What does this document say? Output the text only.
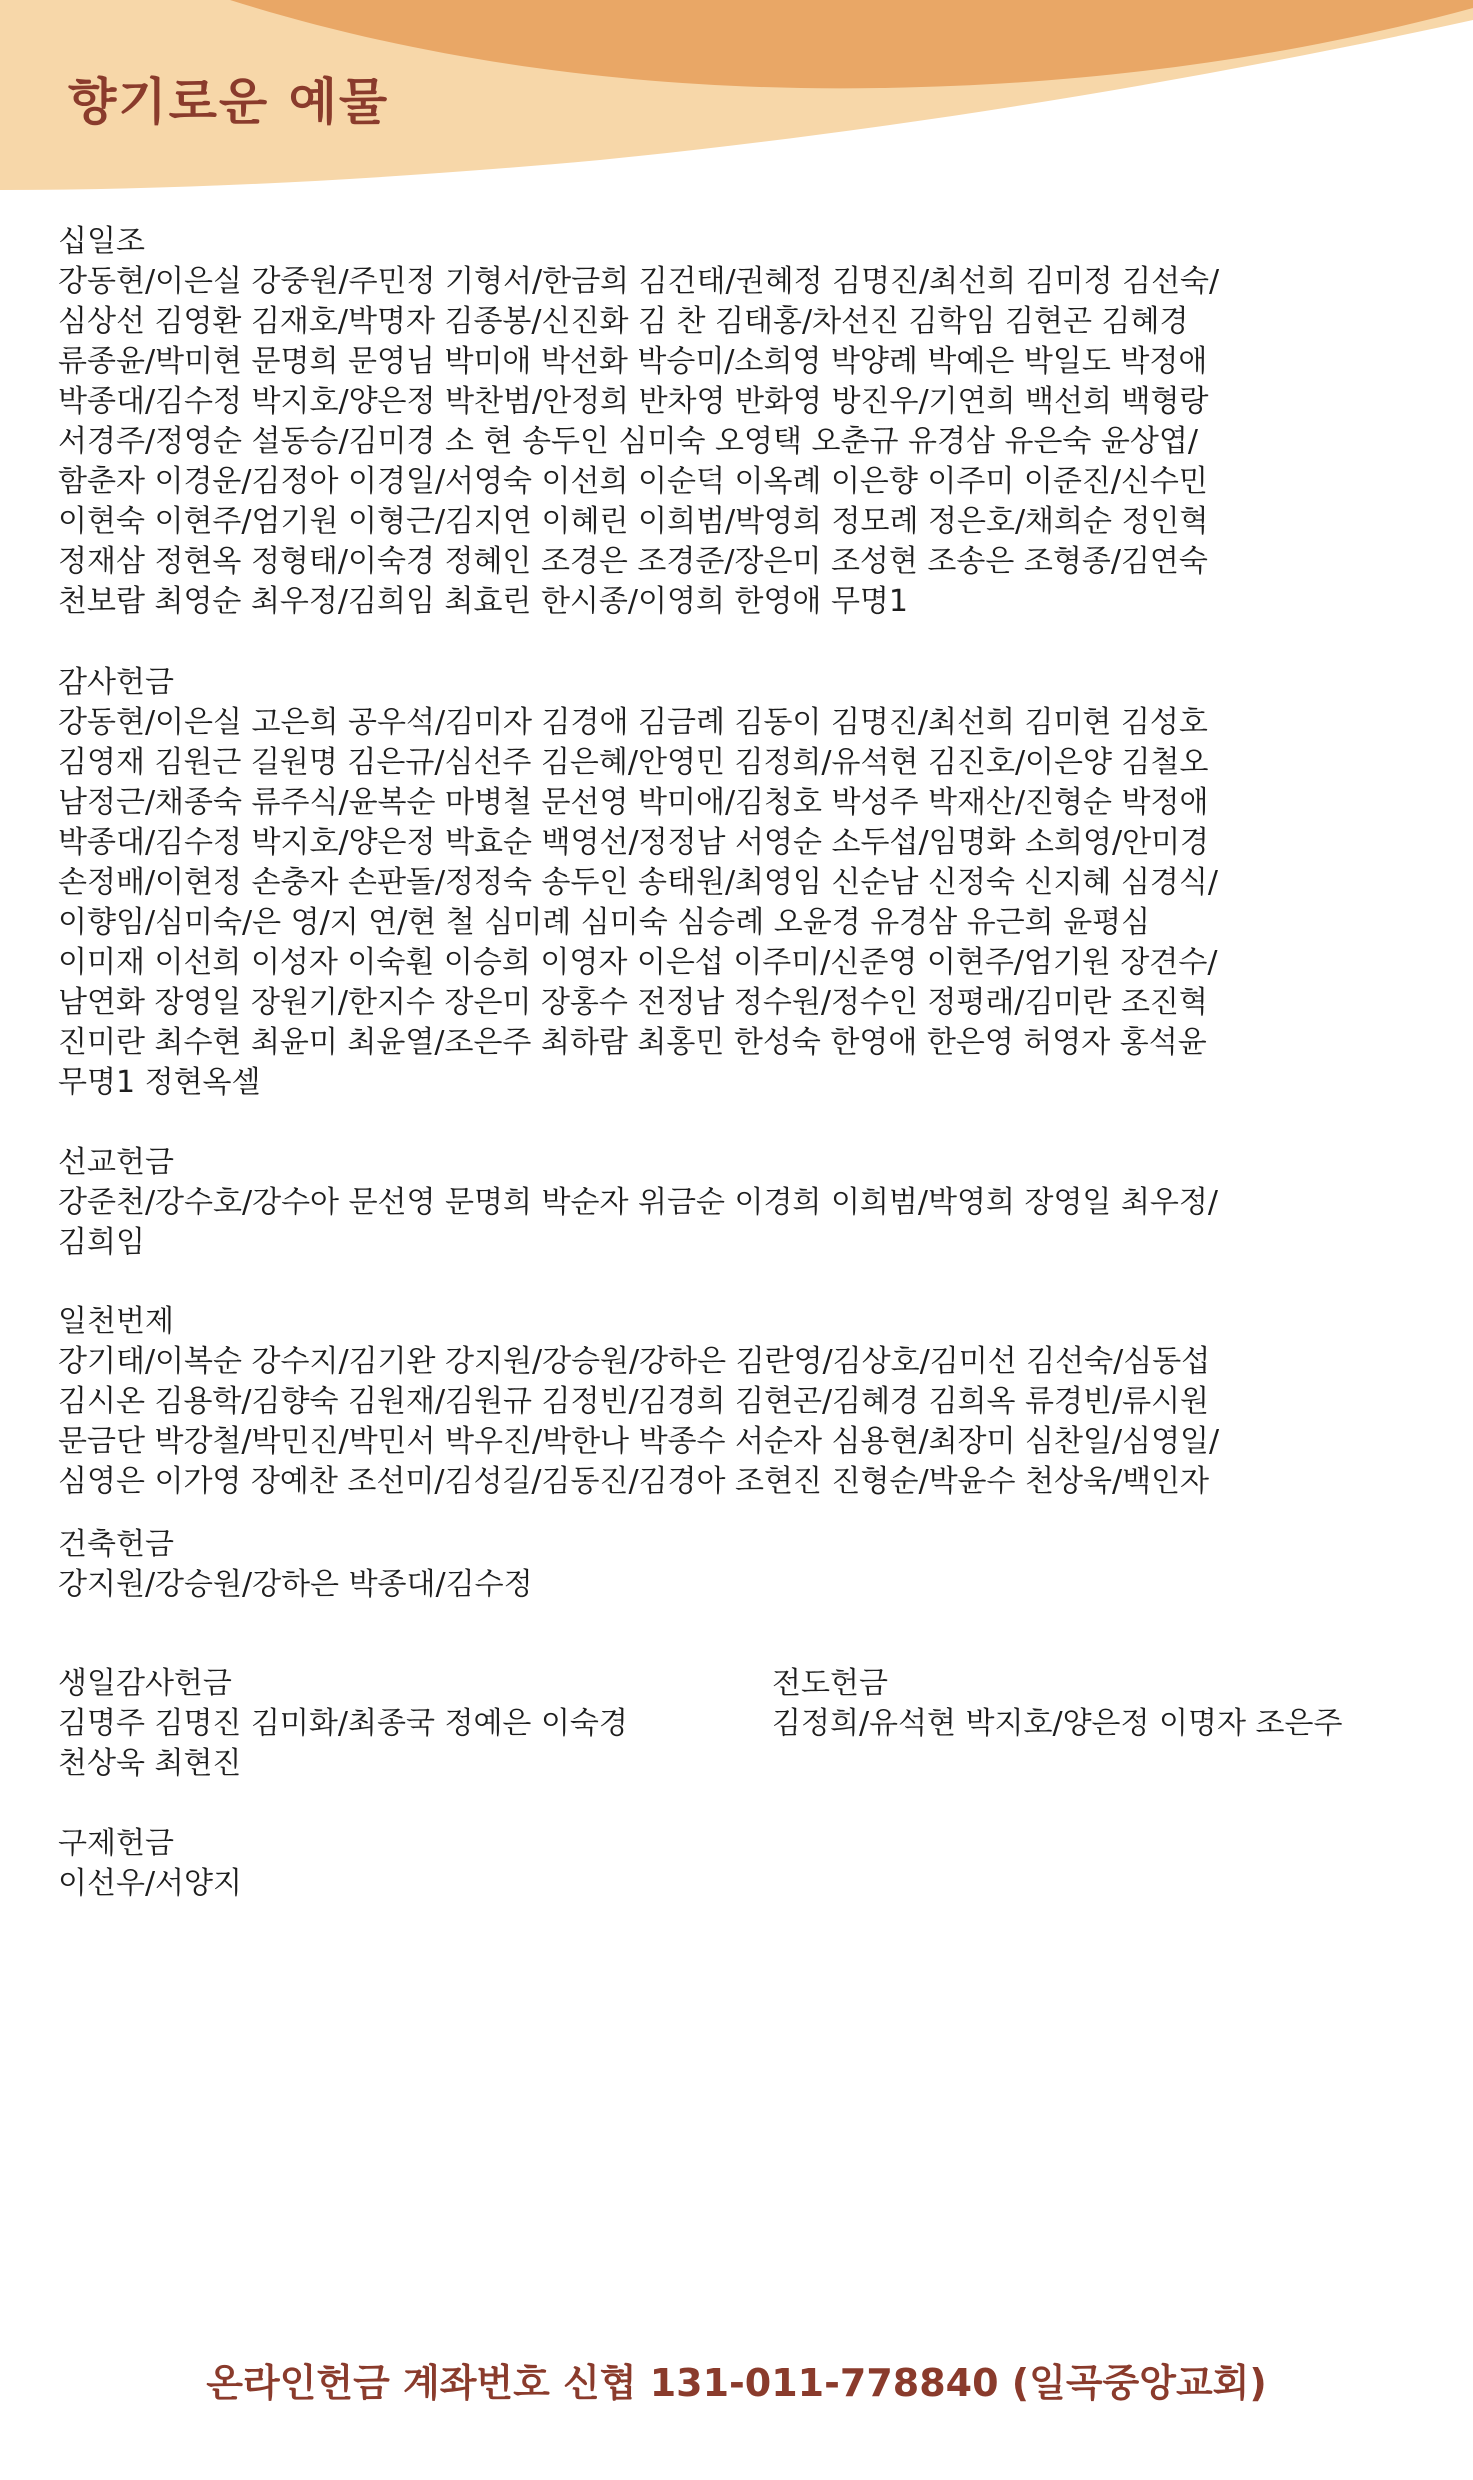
향기로운 예물

십일조

강동현/이은실 강중원/주민정 기형서/한금희 김건태/권혜정 김명진/최선희 김미정 김선숙/
심상선 김영환 김재호/박명자 김종봉/신진화 김 찬 김태홍/차선진 김학임 김현곤 김혜경
류종윤/박미현 문명희 문영님 박미애 박선화 박승미/소희영 박양례 박예은 박일도 박정애
박종대/김수정 박지호/양은정 박찬범/안정희 반차영 반화영 방진우/기연희 백선희 백형랑
서경주/정영순 설동승/김미경 소 현 송두인 심미숙 오영택 오춘규 유경삼 유은숙 윤상엽/
함춘자 이경운/김정아 이경일/서영숙 이선희 이순덕 이옥례 이은향 이주미 이준진/신수민
이현숙 이현주/엄기원 이형근/김지연 이혜린 이희범/박영희 정모례 정은호/채희순 정인혁
정재삼 정현옥 정형태/이숙경 정혜인 조경은 조경준/장은미 조성현 조송은 조형종/김연숙
천보람 최영순 최우정/김희임 최효린 한시종/이영희 한영애 무명1

감사헌금

강동현/이은실 고은희 공우석/김미자 김경애 김금례 김동이 김명진/최선희 김미현 김성호
김영재 김원근 길원명 김은규/심선주 김은혜/안영민 김정희/유석현 김진호/이은양 김철오
남정근/채종숙 류주식/윤복순 마병철 문선영 박미애/김청호 박성주 박재산/진형순 박정애
박종대/김수정 박지호/양은정 박효순 백영선/정정남 서영순 소두섭/임명화 소희영/안미경
손정배/이현정 손충자 손판돌/정정숙 송두인 송태원/최영임 신순남 신정숙 신지혜 심경식/
이향임/심미숙/은 영/지 연/현 철 심미례 심미숙 심승례 오윤경 유경삼 유근희 윤평심
이미재 이선희 이성자 이숙훤 이승희 이영자 이은섭 이주미/신준영 이현주/엄기원 장견수/
남연화 장영일 장원기/한지수 장은미 장홍수 전정남 정수원/정수인 정평래/김미란 조진혁
진미란 최수현 최윤미 최윤열/조은주 최하람 최홍민 한성숙 한영애 한은영 허영자 홍석윤
무명1 정현옥셀

선교헌금

강준천/강수호/강수아 문선영 문명희 박순자 위금순 이경희 이희범/박영희 장영일 최우정/
김희임

일천번제

강기태/이복순 강수지/김기완 강지원/강승원/강하은 김란영/김상호/김미선 김선숙/심동섭
김시온 김용학/김향숙 김원재/김원규 김정빈/김경희 김현곤/김혜경 김희옥 류경빈/류시원
문금단 박강철/박민진/박민서 박우진/박한나 박종수 서순자 심용현/최장미 심찬일/심영일/
심영은 이가영 장예찬 조선미/김성길/김동진/김경아 조현진 진형순/박윤수 천상욱/백인자

건축헌금

강지원/강승원/강하은 박종대/김수정

생일감사헌금

김명주 김명진 김미화/최종국 정예은 이숙경
천상욱 최현진

전도헌금

김정희/유석현 박지호/양은정 이명자 조은주

구제헌금

이선우/서양지

온라인헌금 계좌번호 신협 131-011-778840 (일곡중앙교회)
